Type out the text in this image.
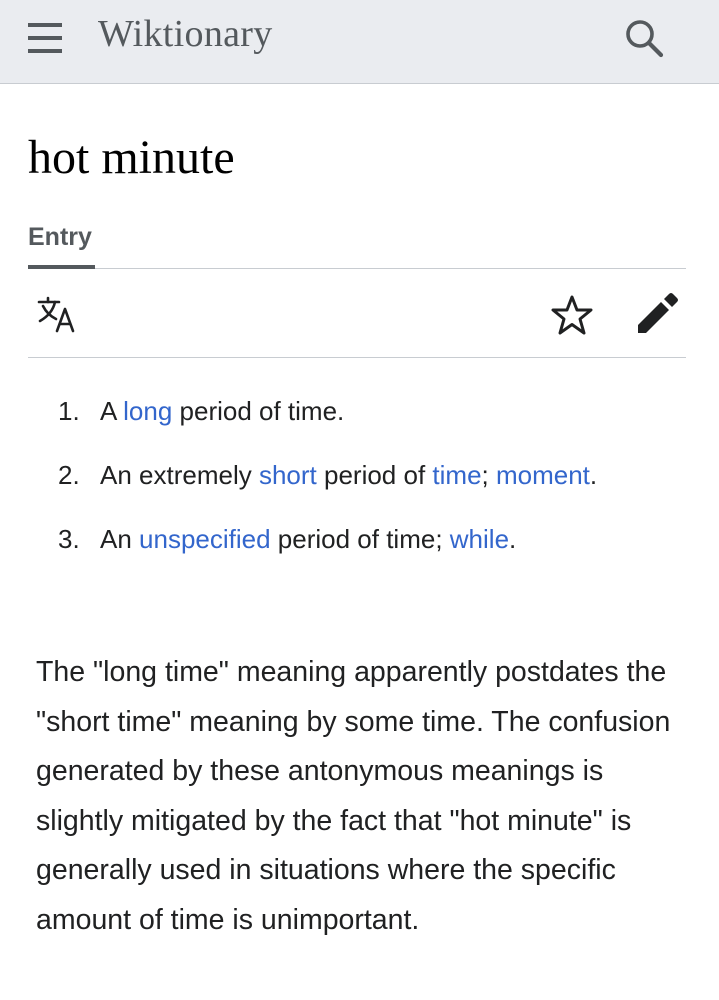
Wiktionary
hot minute
Entry
1. A long period of time.
2. An extremely short period of time; moment.
3. An unspecified period of time; while.

The "long time" meaning apparently postdates the "short time" meaning by some time. The confusion generated by these antonymous meanings is slightly mitigated by the fact that "hot minute" is generally used in situations where the specific amount of time is unimportant.
